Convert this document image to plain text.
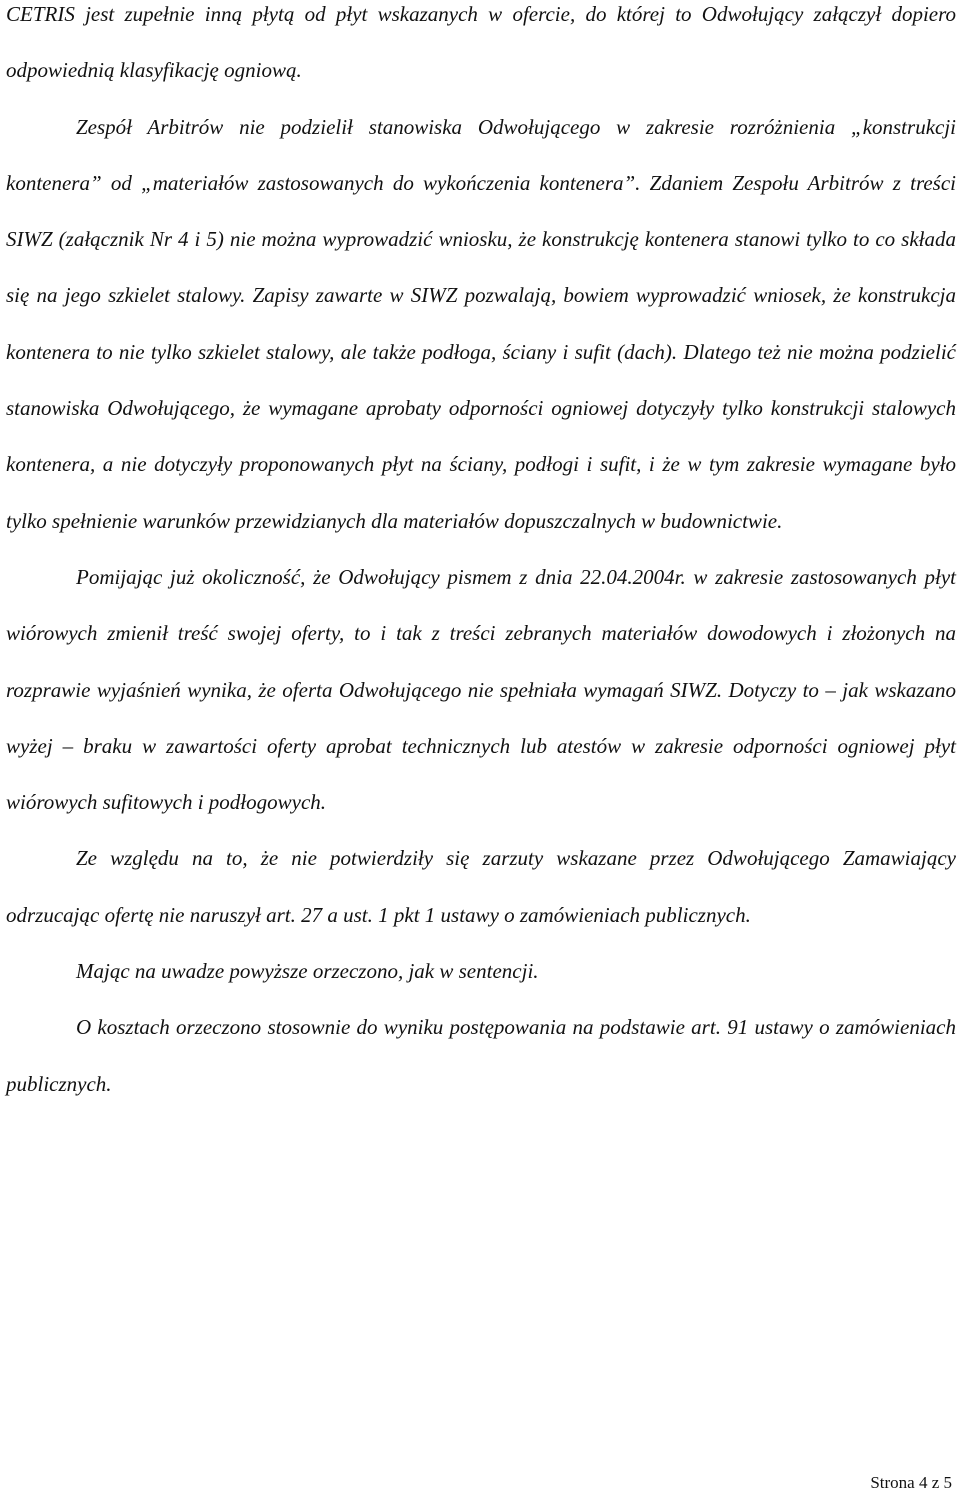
CETRIS jest zupełnie inną płytą od płyt wskazanych w ofercie, do której to Odwołujący załączył dopiero odpowiednią klasyfikację ogniową.

Zespół Arbitrów nie podzielił stanowiska Odwołującego w zakresie rozróżnienia „konstrukcji kontenera” od „materiałów zastosowanych do wykończenia kontenera”. Zdaniem Zespołu Arbitrów z treści SIWZ (załącznik Nr 4 i 5) nie można wyprowadzić wniosku, że konstrukcję kontenera stanowi tylko to co składa się na jego szkielet stalowy. Zapisy zawarte w SIWZ pozwalają, bowiem wyprowadzić wniosek, że konstrukcja kontenera to nie tylko szkielet stalowy, ale także podłoga, ściany i sufit (dach). Dlatego też nie można podzielić stanowiska Odwołującego, że wymagane aprobaty odporności ogniowej dotyczyły tylko konstrukcji stalowych kontenera, a nie dotyczyły proponowanych płyt na ściany, podłogi i sufit, i że w tym zakresie wymagane było tylko spełnienie warunków przewidzianych dla materiałów dopuszczalnych w budownictwie.

Pomijając już okoliczność, że Odwołujący pismem z dnia 22.04.2004r. w zakresie zastosowanych płyt wiórowych zmienił treść swojej oferty, to i tak z treści zebranych materiałów dowodowych i złożonych na rozprawie wyjaśnień wynika, że oferta Odwołującego nie spełniała wymagań SIWZ. Dotyczy to – jak wskazano wyżej – braku w zawartości oferty aprobat technicznych lub atestów w zakresie odporności ogniowej płyt wiórowych sufitowych i podłogowych.

Ze względu na to, że nie potwierdziły się zarzuty wskazane przez Odwołującego Zamawiający odrzucając ofertę nie naruszył art. 27 a ust. 1 pkt 1 ustawy o zamówieniach publicznych.

Mając na uwadze powyższe orzeczono, jak w sentencji.

O kosztach orzeczono stosownie do wyniku postępowania na podstawie art. 91 ustawy o zamówieniach publicznych.

Strona 4 z 5
